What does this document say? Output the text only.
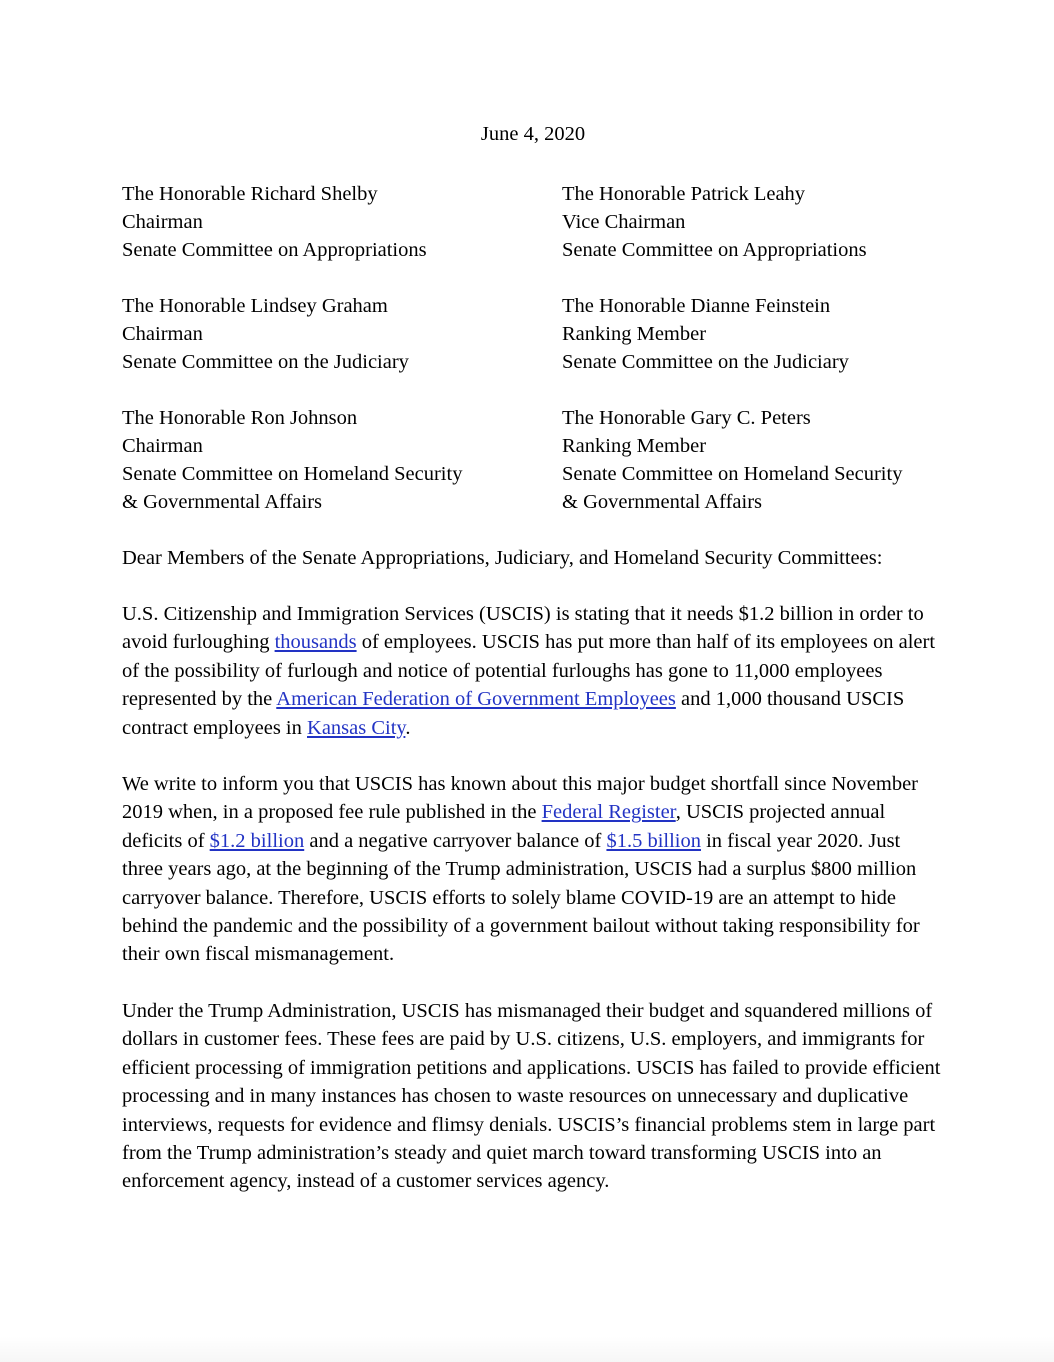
June 4, 2020
The Honorable Richard Shelby
Chairman
Senate Committee on Appropriations
The Honorable Patrick Leahy
Vice Chairman
Senate Committee on Appropriations
The Honorable Lindsey Graham
Chairman
Senate Committee on the Judiciary
The Honorable Dianne Feinstein
Ranking Member
Senate Committee on the Judiciary
The Honorable Ron Johnson
Chairman
Senate Committee on Homeland Security
& Governmental Affairs
The Honorable Gary C. Peters
Ranking Member
Senate Committee on Homeland Security
& Governmental Affairs
Dear Members of the Senate Appropriations, Judiciary, and Homeland Security Committees:

U.S. Citizenship and Immigration Services (USCIS) is stating that it needs $1.2 billion in order to avoid furloughing thousands of employees. USCIS has put more than half of its employees on alert of the possibility of furlough and notice of potential furloughs has gone to 11,000 employees represented by the American Federation of Government Employees and 1,000 thousand USCIS contract employees in Kansas City.

We write to inform you that USCIS has known about this major budget shortfall since November 2019 when, in a proposed fee rule published in the Federal Register, USCIS projected annual deficits of $1.2 billion and a negative carryover balance of $1.5 billion in fiscal year 2020. Just three years ago, at the beginning of the Trump administration, USCIS had a surplus $800 million carryover balance. Therefore, USCIS efforts to solely blame COVID-19 are an attempt to hide behind the pandemic and the possibility of a government bailout without taking responsibility for their own fiscal mismanagement.

Under the Trump Administration, USCIS has mismanaged their budget and squandered millions of dollars in customer fees. These fees are paid by U.S. citizens, U.S. employers, and immigrants for efficient processing of immigration petitions and applications. USCIS has failed to provide efficient processing and in many instances has chosen to waste resources on unnecessary and duplicative interviews, requests for evidence and flimsy denials. USCIS’s financial problems stem in large part from the Trump administration’s steady and quiet march toward transforming USCIS into an enforcement agency, instead of a customer services agency.
